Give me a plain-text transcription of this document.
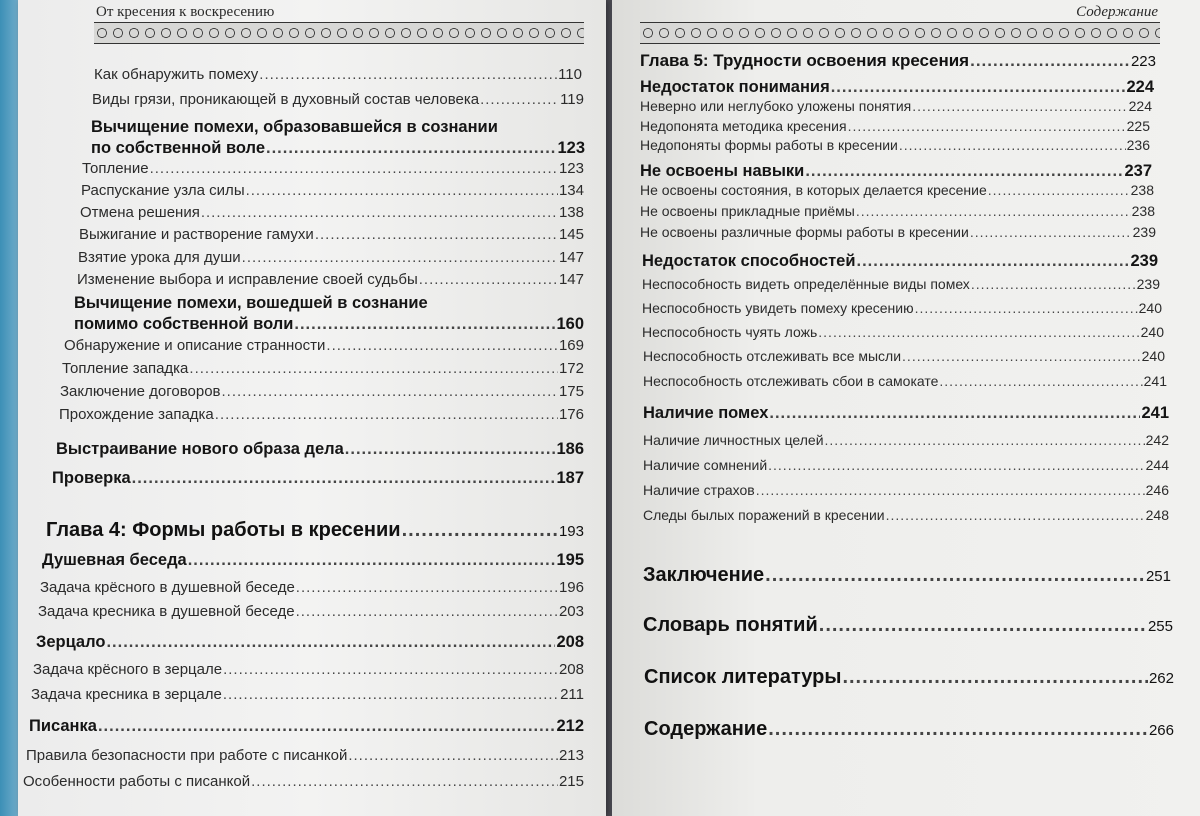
От кресения к воскресению
Как обнаружить помеху .....	110
Виды грязи, проникающей в духовный состав человека .....	119
Вычищение помехи, образовавшейся в сознании
по собственной воле .....	123
Топление .....	123
Распускание узла силы .....	134
Отмена решения .....	138
Выжигание и растворение гамухи .....	145
Взятие урока для души .....	147
Изменение выбора и исправление своей судьбы .....	147
Вычищение помехи, вошедшей в сознание
помимо собственной воли .....	160
Обнаружение и описание странности .....	169
Топление западка .....	172
Заключение договоров .....	175
Прохождение западка .....	176
Выстраивание нового образа дела .....	186
Проверка .....	187
Глава 4: Формы работы в кресении .....	193
Душевная беседа .....	195
Задача крёсного в душевной беседе .....	196
Задача кресника в душевной беседе .....	203
Зерцало .....	208
Задача крёсного в зерцале .....	208
Задача кресника в зерцале .....	211
Писанка .....	212
Правила безопасности при работе с писанкой .....	213
Особенности работы с писанкой .....	215
Содержание
Глава 5: Трудности освоения кресения .....	223
Недостаток понимания .....	224
Неверно или неглубоко уложены понятия .....	224
Недопонята методика кресения .....	225
Недопоняты формы работы в кресении .....	236
Не освоены навыки .....	237
Не освоены состояния, в которых делается кресение .....	238
Не освоены прикладные приёмы .....	238
Не освоены различные формы работы в кресении .....	239
Недостаток способностей .....	239
Неспособность видеть определённые виды помех .....	239
Неспособность увидеть помеху кресению .....	240
Неспособность чуять ложь .....	240
Неспособность отслеживать все мысли .....	240
Неспособность отслеживать сбои в самокате .....	241
Наличие помех .....	241
Наличие личностных целей .....	242
Наличие сомнений .....	244
Наличие страхов .....	246
Следы былых поражений в кресении .....	248
Заключение .....	251
Словарь понятий .....	255
Список литературы .....	262
Содержание .....	266
